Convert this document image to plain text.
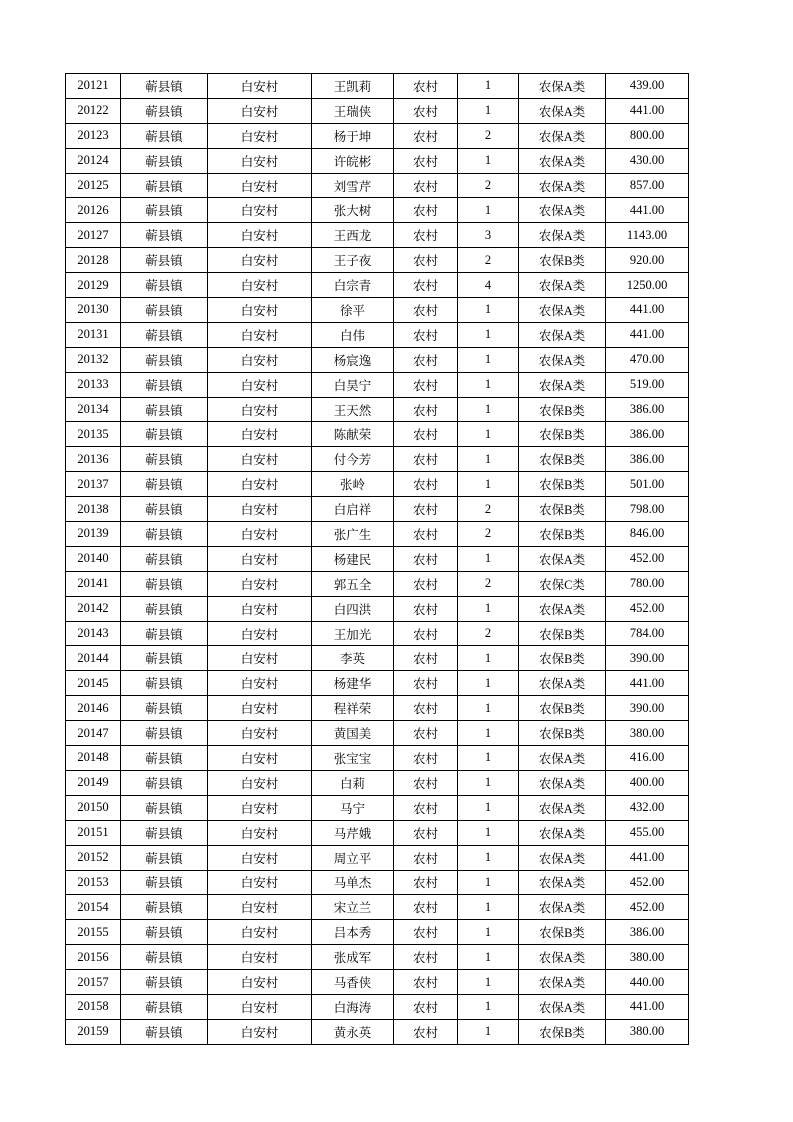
20121	蕲县镇	白安村	王凯莉	农村	1	农保A类	439.00
20122	蕲县镇	白安村	王瑞侠	农村	1	农保A类	441.00
20123	蕲县镇	白安村	杨于坤	农村	2	农保A类	800.00
20124	蕲县镇	白安村	许皖彬	农村	1	农保A类	430.00
20125	蕲县镇	白安村	刘雪芹	农村	2	农保A类	857.00
20126	蕲县镇	白安村	张大树	农村	1	农保A类	441.00
20127	蕲县镇	白安村	王西龙	农村	3	农保A类	1143.00
20128	蕲县镇	白安村	王子夜	农村	2	农保B类	920.00
20129	蕲县镇	白安村	白宗青	农村	4	农保A类	1250.00
20130	蕲县镇	白安村	徐平	农村	1	农保A类	441.00
20131	蕲县镇	白安村	白伟	农村	1	农保A类	441.00
20132	蕲县镇	白安村	杨宸逸	农村	1	农保A类	470.00
20133	蕲县镇	白安村	白昊宁	农村	1	农保A类	519.00
20134	蕲县镇	白安村	王天然	农村	1	农保B类	386.00
20135	蕲县镇	白安村	陈献荣	农村	1	农保B类	386.00
20136	蕲县镇	白安村	付今芳	农村	1	农保B类	386.00
20137	蕲县镇	白安村	张岭	农村	1	农保B类	501.00
20138	蕲县镇	白安村	白启祥	农村	2	农保B类	798.00
20139	蕲县镇	白安村	张广生	农村	2	农保B类	846.00
20140	蕲县镇	白安村	杨建民	农村	1	农保A类	452.00
20141	蕲县镇	白安村	郭五全	农村	2	农保C类	780.00
20142	蕲县镇	白安村	白四洪	农村	1	农保A类	452.00
20143	蕲县镇	白安村	王加光	农村	2	农保B类	784.00
20144	蕲县镇	白安村	李英	农村	1	农保B类	390.00
20145	蕲县镇	白安村	杨建华	农村	1	农保A类	441.00
20146	蕲县镇	白安村	程祥荣	农村	1	农保B类	390.00
20147	蕲县镇	白安村	黄国美	农村	1	农保B类	380.00
20148	蕲县镇	白安村	张宝宝	农村	1	农保A类	416.00
20149	蕲县镇	白安村	白莉	农村	1	农保A类	400.00
20150	蕲县镇	白安村	马宁	农村	1	农保A类	432.00
20151	蕲县镇	白安村	马芹娥	农村	1	农保A类	455.00
20152	蕲县镇	白安村	周立平	农村	1	农保A类	441.00
20153	蕲县镇	白安村	马单杰	农村	1	农保A类	452.00
20154	蕲县镇	白安村	宋立兰	农村	1	农保A类	452.00
20155	蕲县镇	白安村	吕本秀	农村	1	农保B类	386.00
20156	蕲县镇	白安村	张成军	农村	1	农保A类	380.00
20157	蕲县镇	白安村	马香侠	农村	1	农保A类	440.00
20158	蕲县镇	白安村	白海涛	农村	1	农保A类	441.00
20159	蕲县镇	白安村	黄永英	农村	1	农保B类	380.00
